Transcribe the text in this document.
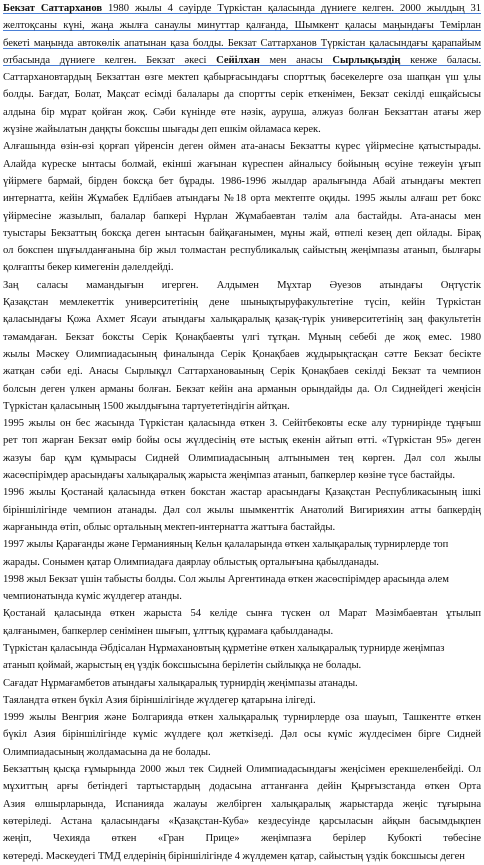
Бекзат Саттарханов 1980 жылы 4 сәуірде Түркістан қаласында дүниеге келген. 2000 жылдың 31
желтоқсаны күні, жаңа жылға санаулы минуттар қалғанда, Шымкент қаласы маңындағы Темірлан
бекеті маңында автокөлік апатынан қаза болды. Бекзат Саттарханов Түркістан қаласындағы қарапайым
отбасында дүниеге келген. Бекзат әкесі Сейілхан мен анасы Сырлықыздің кенже баласы.
Саттархановтардың Бекзаттан өзге мектеп қабырғасындағы спорттық бәсекелерге оза шапқан үш ұлы
болды. Бағдат, Болат, Мақсат есімді балалары да спортты серік еткенімен, Бекзат секілді ешқайсысы
алдына бір мұрат қойған жоқ. Сәби күнінде өте нәзік, ауруша, әлжуаз болған Бекзаттан атағы жер
жүзіне жайылатын даңқты боксшы шығады деп ешкім ойламаса керек.
Алғашында өзін-өзі қорғап үйренсін деген оймен ата-анасы Бекзатты күрес үйірмесіне қатыстырады.
Алайда күреске ынтасы болмай, екінші жағынан күреспен айналысу бойының өсуіне тежеуін ұғып
үйірмеге бармай, бірден боксқа бет бұрады. 1986-1996 жылдар аралығында Абай атындағы мектеп
интернатта, кейін Жұмабек Едлібаев атындағы №18 орта мектепте оқиды. 1995 жылы алғаш рет бокс
үйірмесіне жазылып, балалар бапкері Нұрлан Жұмабаевтан тәлім ала бастайды. Ата-анасы мен
туыстары Бекзаттың боксқа деген ынтасын байқағанымен, мұны жай, өтпелі кезең деп ойлады. Бірақ
ол бокспен шұғылданғанына бір жыл толмастан республикалық сайыстың жеңімпазы атанып, былғары
қолғапты бекер кимегенін дәлелдейді.
Заң салаcы мамандығын игерген. Алдымен Мұхтар Әуезов атындағы Оңтүстік
Қазақстан мемлекеттік университетінің дене шынықтыруфакультетіне түсіп, кейін Түркістан
қаласындағы Қожа Ахмет Ясауи атындағы халықаралық қазақ-түрік университетінің заң факультетін
тәмамдаған. Бекзат боксты Серік Қонақбаевты үлгі тұтқан. Мұның себебі де жоқ емес. 1980
жылы Мәскеу Олимпиадасының финалында Серік Қонақбаев жұдырықтасқан сәтте Бекзат бесікте
жатқан сәби еді. Анасы Сырлықұл Саттархановаының Серік Қонақбаев секілді Бекзат та чемпион
болсын деген үлкен арманы болған. Бекзат кейін ана арманын орындайды да. Ол Сиднейдегі жеңісін
Түркістан қаласының 1500 жылдығына тартуететіндігін айтқан.
1995 жылы он бес жасында Түркістан қаласында өткен З. Сейітбековты еске алу турнирінде тұңғыш
рет топ жарған Бекзат өмір бойы осы жүлдесінің өте ыстық екенін айтып өтті. «Түркістан 95» деген
жазуы бар құм құмырасы Сидней Олимпиадасының алтынымен тең көрген. Дәл сол жылы
жасөспірімдер арасындағы халықаралық жарыста жеңімпаз атанып, бапкерлер көзіне түсе бастайды.
1996 жылы Қостанай қаласында өткен бокстан жастар арасындағы Қазақстан Республикасының ішкі
біріншілігінде чемпион атанады. Дәл сол жылы шымкенттік Анатолий Вигирияхин атты бапкердің
жарғанында өтіп, облыс ортальның мектеп-интернатта жаттыға бастайды.
1997 жылы Қарағанды және Германияның Кельн қалаларында өткен халықаралық турнирлерде топ
жарады. Сонымен қатар Олимпиадаға даярлау облыстық орталығына қабылданады.
1998 жыл Бекзат үшін табысты болды. Сол жылы Аргентинада өткен жасөспірімдер арасында әлем
чемпионатында күміс жүлдегер атанды.
Қостанай қаласында өткен жарыста 54 келіде сынға түскен ол Марат Мәзімбаевтан ұтылып
қалғанымен, бапкерлер сенімінен шығып, ұлттық құрамаға қабылданады.
Түркістан қаласында Әбдісалан Нұрмахановтың құрметіне өткен халықаралық турнирде жеңімпаз
атанып қоймай, жарыстың ең үздік боксшысына берілетін сыйлыққа не болады.
Сағадат Нұрмағамбетов атындағы халықаралық турнирдің жеңімпазы атанады.
Таяландта өткен бүкіл Азия біріншілігінде жүлдегер қатарына ілігеді.
1999 жылы Венгрия және Болгарияда өткен халықаралық турнирлерде оза шауып, Ташкентте өткен
бүкіл Азия біріншілігінде күміс жүлдеге қол жеткізеді. Дәл осы күміс жүлдесімен бірге Сидней
Олимпиадасының жолдамасына да не болады.
Бекзаттың қысқа ғұмырында 2000 жыл тек Сидней Олимпиадасындағы жеңісімен ерекшеленбейді. Ол
мұхиттың арғы бетіндегі тартыстардың додасына аттанғанға дейін Қырғызстанда өткен Орта
Азия өлшырларында, Испанияда жалауы желбірген халықаралық жарыстарда жеңіс тұғырына
көтеріледі. Астана қаласындағы «Қазақстан-Куба» кездесуінде қарсыласын айқын басымдықпен
жеңіп, Чехияда өткен «Гран Прице» жеңімпазға берілер Кубокті төбесіне
көтереді. Мәскеудегі ТМД елдерінің біріншілігінде 4 жүлдемен қатар, сайыстың үздік боксшысы деген
